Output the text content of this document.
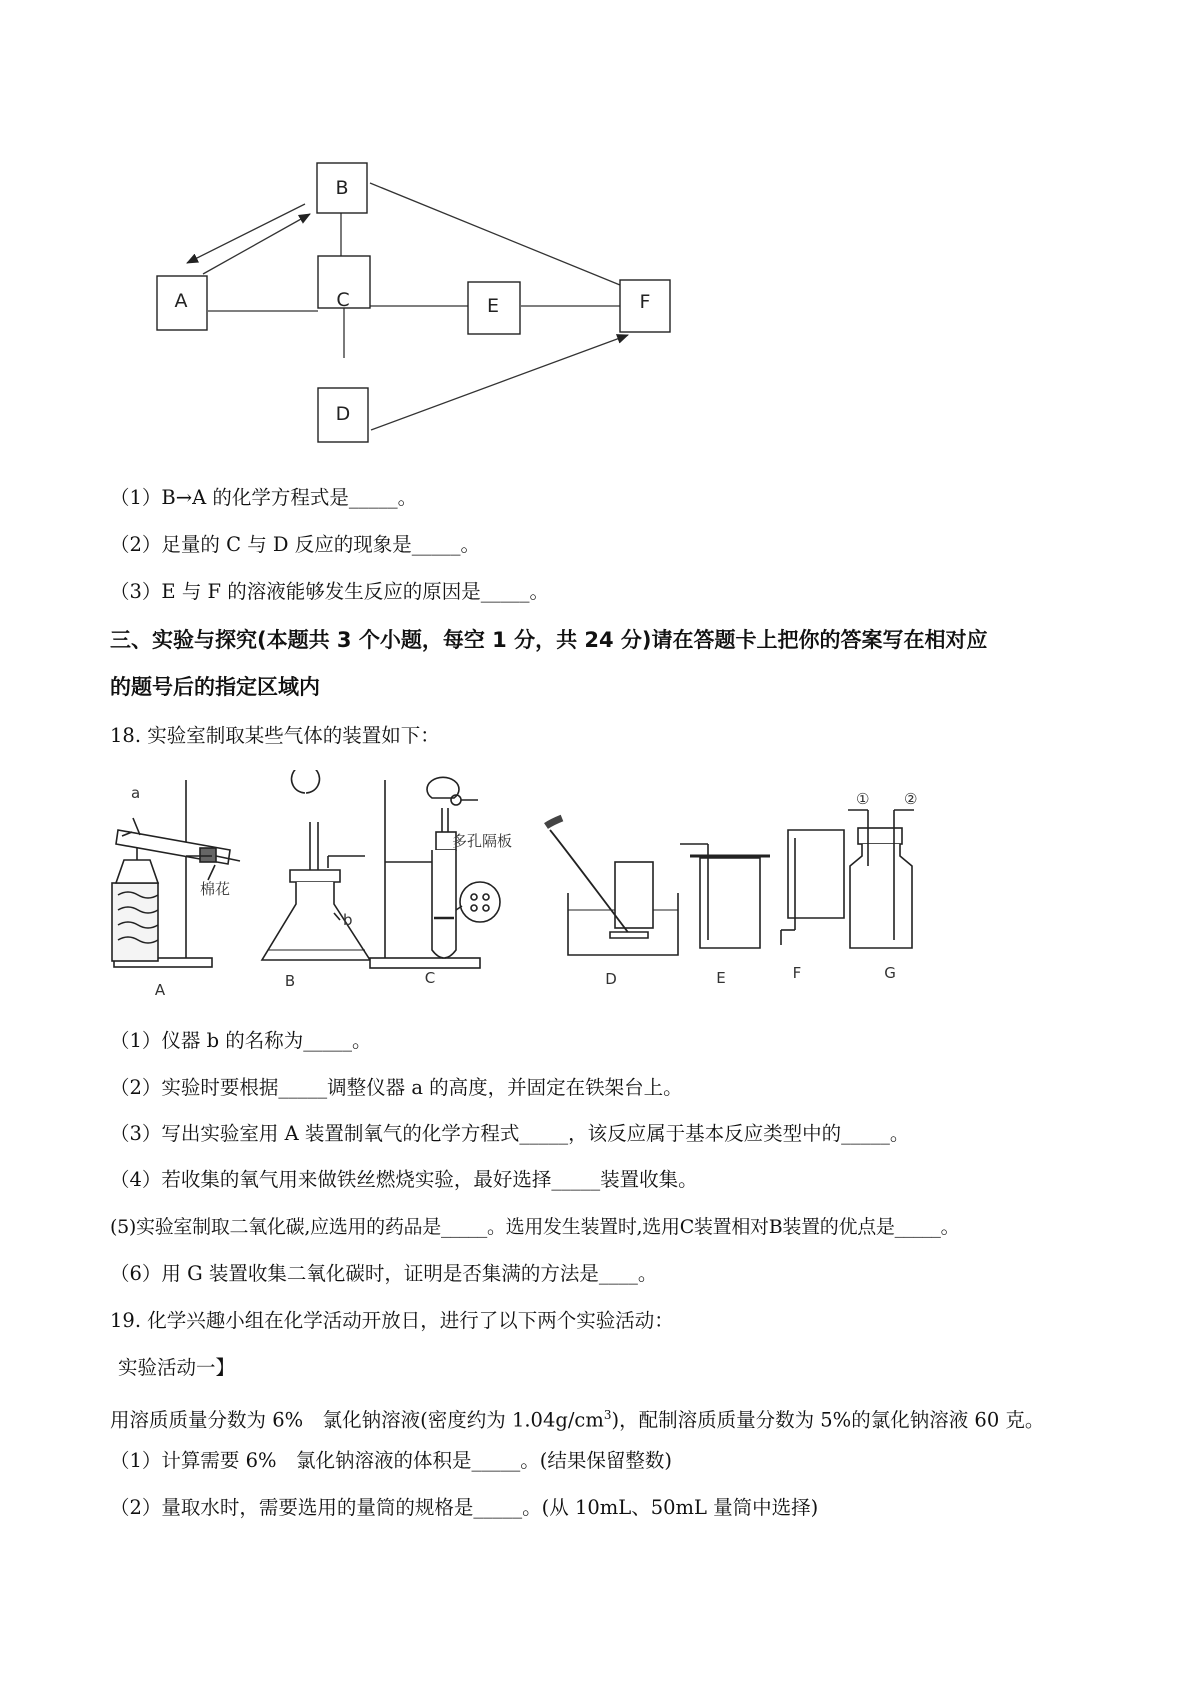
B
A	C	E	F
D
（1）B→A 的化学方程式是_____。
（2）足量的 C 与 D 反应的现象是_____。
（3）E 与 F 的溶液能够发生反应的原因是_____。
三、实验与探究(本题共 3 个小题，每空 1 分，共 24 分)请在答题卡上把你的答案写在相对应
的题号后的指定区域内
18. 实验室制取某些气体的装置如下：
a
棉花
b
多孔隔板
① ②
A	B	C	D	E	F	G
（1）仪器 b 的名称为_____。
（2）实验时要根据_____调整仪器 a 的高度，并固定在铁架台上。
（3）写出实验室用 A 装置制氧气的化学方程式_____，该反应属于基本反应类型中的_____。
（4）若收集的氧气用来做铁丝燃烧实验，最好选择_____装置收集。
(5)实验室制取二氧化碳,应选用的药品是_____。选用发生装置时,选用C装置相对B装置的优点是_____。
（6）用 G 装置收集二氧化碳时，证明是否集满的方法是____。
19. 化学兴趣小组在化学活动开放日，进行了以下两个实验活动：
实验活动一】
用溶质质量分数为 6%　氯化钠溶液(密度约为 $1.04g/cm^3$)，配制溶质质量分数为 5%的氯化钠溶液 60 克。
（1）计算需要 6%　氯化钠溶液的体积是_____。(结果保留整数)
（2）量取水时，需要选用的量筒的规格是_____。(从 10mL、50mL 量筒中选择)
